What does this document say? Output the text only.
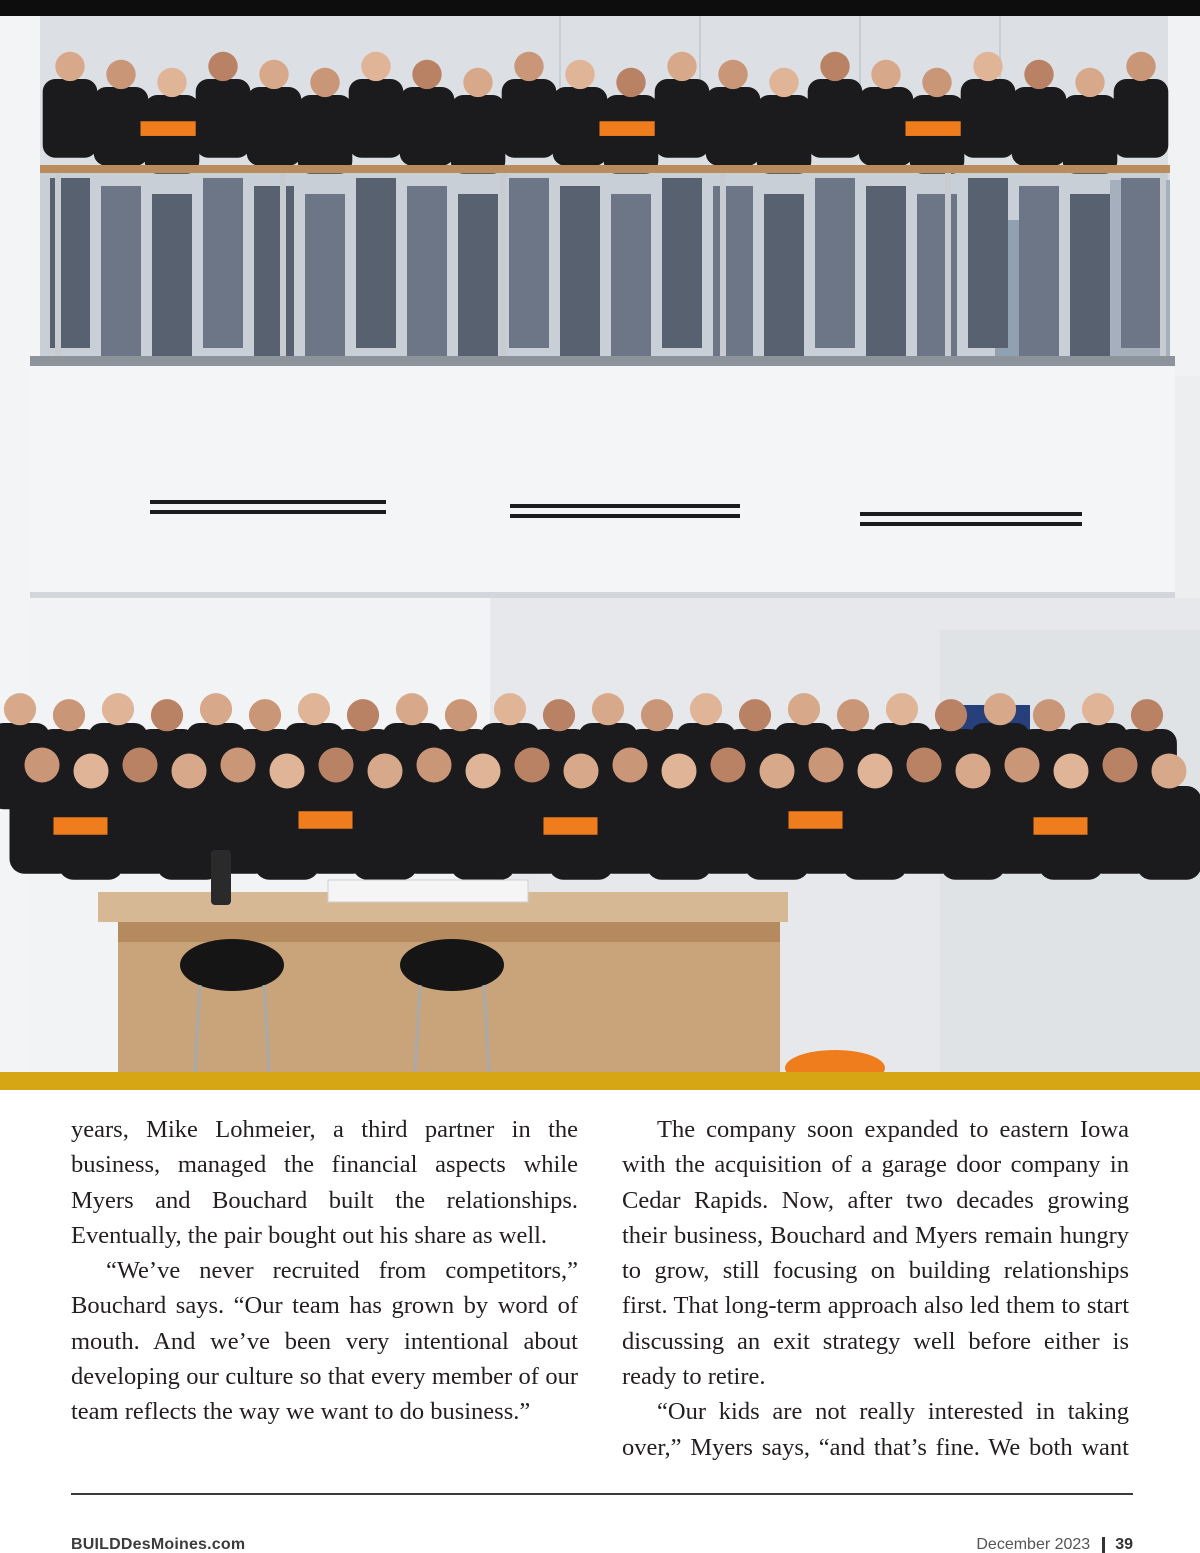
years, Mike Lohmeier, a third partner in the business, managed the financial aspects while Myers and Bouchard built the relationships. Eventually, the pair bought out his share as well.

“We’ve never recruited from competitors,” Bouchard says. “Our team has grown by word of mouth. And we’ve been very intentional about developing our culture so that every member of our team reflects the way we want to do business.”

The company soon expanded to eastern Iowa with the acquisition of a garage door company in Cedar Rapids. Now, after two decades growing their business, Bouchard and Myers remain hungry to grow, still focusing on building relationships first. That long-term approach also led them to start discussing an exit strategy well before either is ready to retire.

“Our kids are not really interested in taking over,” Myers says, “and that’s fine. We both want

BUILDDesMoines.com	December 2023 39
